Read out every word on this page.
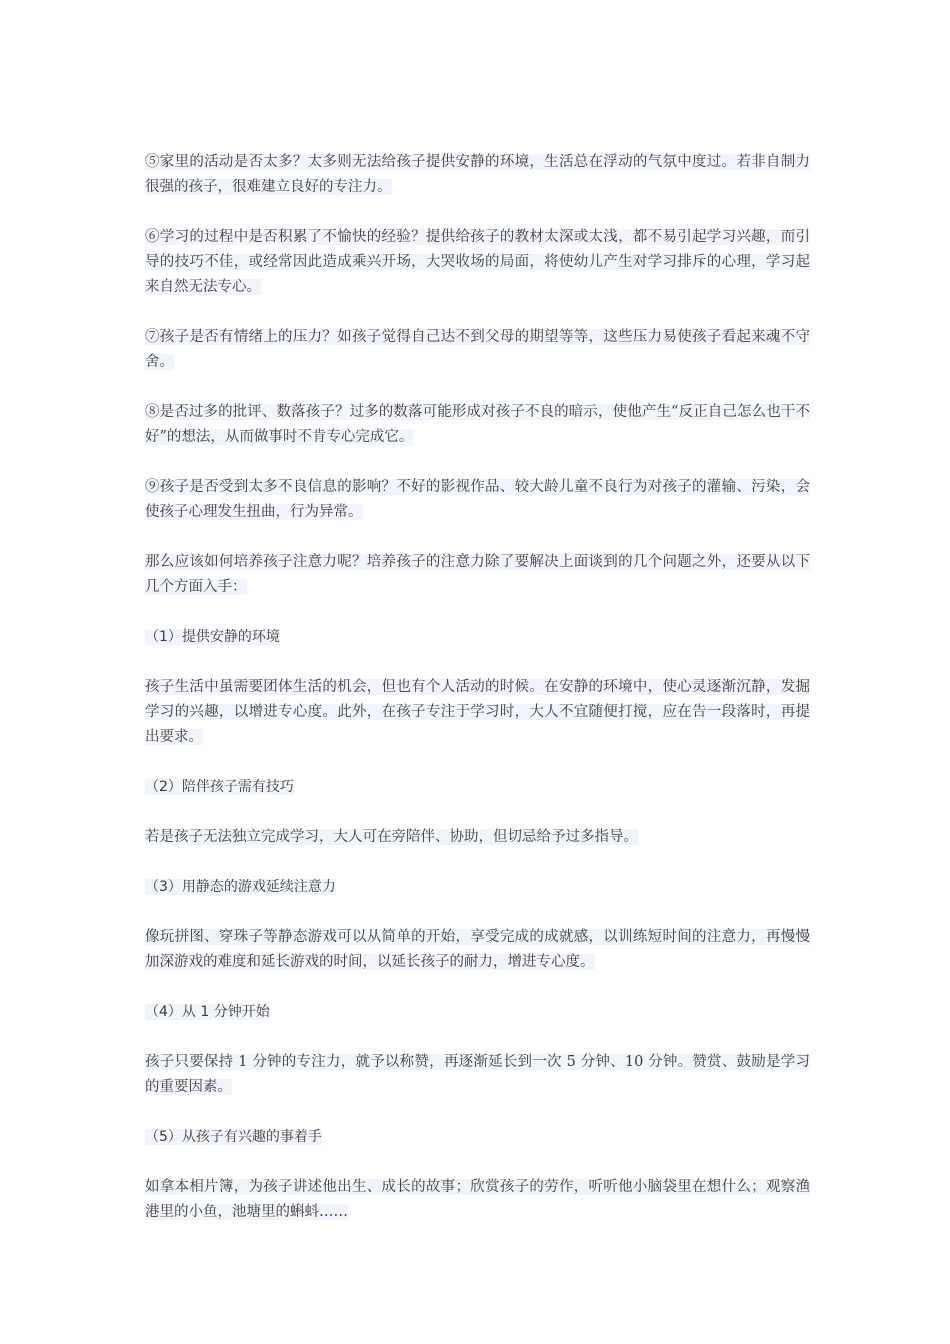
⑤家里的活动是否太多？太多则无法给孩子提供安静的环境，生活总在浮动的气氛中度过。若非自制力很强的孩子，很难建立良好的专注力。

⑥学习的过程中是否积累了不愉快的经验？提供给孩子的教材太深或太浅，都不易引起学习兴趣，而引导的技巧不佳，或经常因此造成乘兴开场，大哭收场的局面，将使幼儿产生对学习排斥的心理，学习起来自然无法专心。

⑦孩子是否有情绪上的压力？如孩子觉得自己达不到父母的期望等等，这些压力易使孩子看起来魂不守舍。

⑧是否过多的批评、数落孩子？过多的数落可能形成对孩子不良的暗示，使他产生“反正自己怎么也干不好”的想法，从而做事时不肯专心完成它。

⑨孩子是否受到太多不良信息的影响？不好的影视作品、较大龄儿童不良行为对孩子的灌输、污染，会使孩子心理发生扭曲，行为异常。

那么应该如何培养孩子注意力呢？培养孩子的注意力除了要解决上面谈到的几个问题之外，还要从以下几个方面入手：

（1）提供安静的环境

孩子生活中虽需要团体生活的机会，但也有个人活动的时候。在安静的环境中，使心灵逐渐沉静，发掘学习的兴趣，以增进专心度。此外，在孩子专注于学习时，大人不宜随便打搅，应在告一段落时，再提出要求。

（2）陪伴孩子需有技巧

若是孩子无法独立完成学习，大人可在旁陪伴、协助，但切忌给予过多指导。

（3）用静态的游戏延续注意力

像玩拼图、穿珠子等静态游戏可以从简单的开始，享受完成的成就感，以训练短时间的注意力，再慢慢加深游戏的难度和延长游戏的时间，以延长孩子的耐力，增进专心度。

（4）从 1 分钟开始

孩子只要保持 1 分钟的专注力，就予以称赞，再逐渐延长到一次 5 分钟、10 分钟。赞赏、鼓励是学习的重要因素。

（5）从孩子有兴趣的事着手

如拿本相片簿，为孩子讲述他出生、成长的故事；欣赏孩子的劳作，听听他小脑袋里在想什么；观察渔港里的小鱼，池塘里的蝌蚪……
